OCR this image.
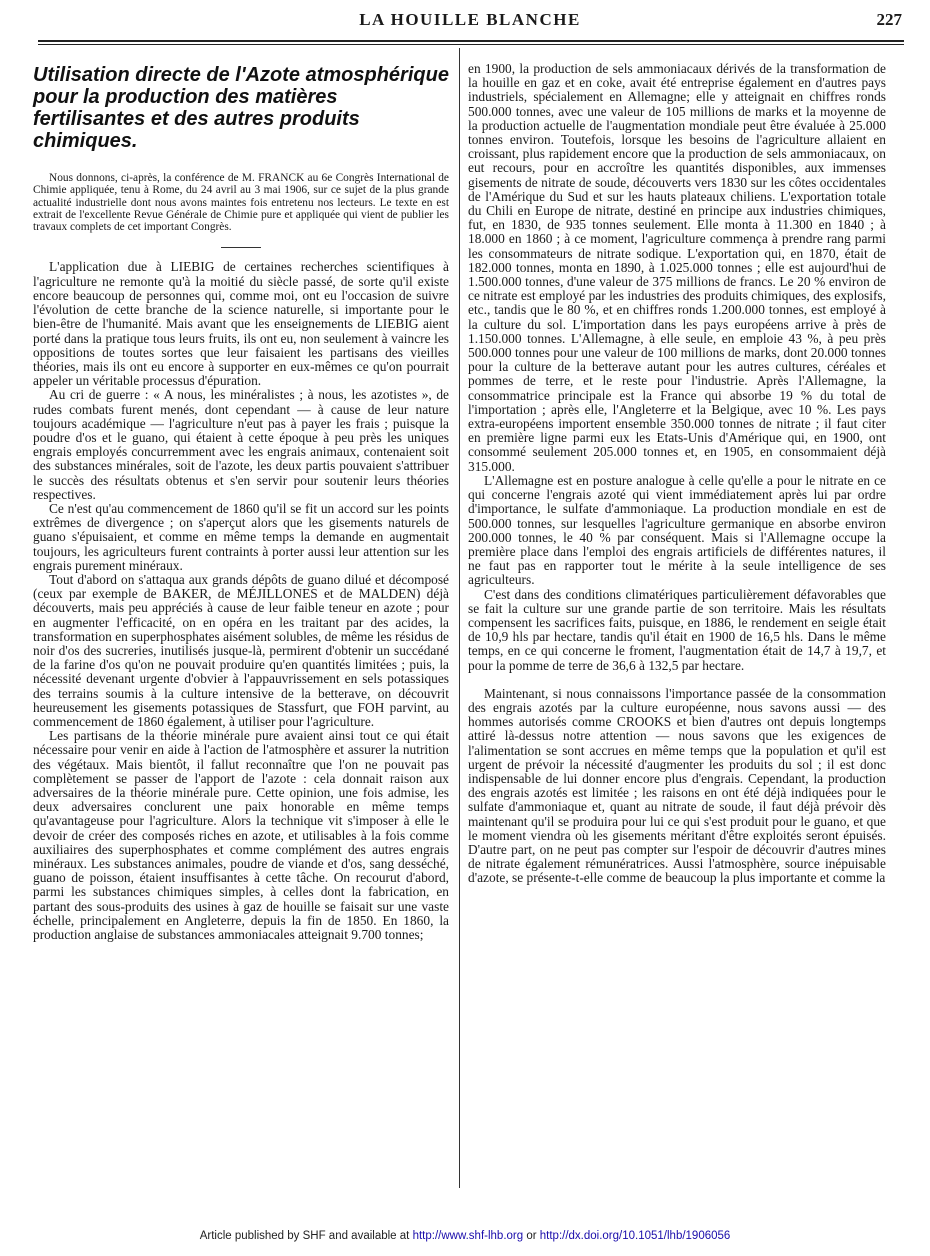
LA HOUILLE BLANCHE	227
Utilisation directe de l'Azote atmosphérique pour la production des matières fertilisantes et des autres produits chimiques.

Nous donnons, ci-après, la conférence de M. FRANCK au 6e Congrès International de Chimie appliquée, tenu à Rome, du 24 avril au 3 mai 1906, sur ce sujet de la plus grande actualité industrielle dont nous avons maintes fois entretenu nos lecteurs. Le texte en est extrait de l'excellente Revue Générale de Chimie pure et appliquée qui vient de publier les travaux complets de cet important Congrès.

L'application due à LIEBIG de certaines recherches scientifiques à l'agriculture ne remonte qu'à la moitié du siècle passé, de sorte qu'il existe encore beaucoup de personnes qui, comme moi, ont eu l'occasion de suivre l'évolution de cette branche de la science naturelle, si importante pour le bien-être de l'humanité. Mais avant que les enseignements de LIEBIG aient porté dans la pratique tous leurs fruits, ils ont eu, non seulement à vaincre les oppositions de toutes sortes que leur faisaient les partisans des vieilles théories, mais ils ont eu encore à supporter en eux-mêmes ce qu'on pourrait appeler un véritable processus d'épuration.

Au cri de guerre : « A nous, les minéralistes ; à nous, les azotistes », de rudes combats furent menés, dont cependant — à cause de leur nature toujours académique — l'agriculture n'eut pas à payer les frais ; puisque la poudre d'os et le guano, qui étaient à cette époque à peu près les uniques engrais employés concurremment avec les engrais animaux, contenaient soit des substances minérales, soit de l'azote, les deux partis pouvaient s'attribuer le succès des résultats obtenus et s'en servir pour soutenir leurs théories respectives.

Ce n'est qu'au commencement de 1860 qu'il se fit un accord sur les points extrêmes de divergence ; on s'aperçut alors que les gisements naturels de guano s'épuisaient, et comme en même temps la demande en augmentait toujours, les agriculteurs furent contraints à porter aussi leur attention sur les engrais purement minéraux.

Tout d'abord on s'attaqua aux grands dépôts de guano dilué et décomposé (ceux par exemple de BAKER, de MÉJILLONES et de MALDEN) déjà découverts, mais peu appréciés à cause de leur faible teneur en azote ; pour en augmenter l'efficacité, on en opéra en les traitant par des acides, la transformation en superphosphates aisément solubles, de même les résidus de noir d'os des sucreries, inutilisés jusque-là, permirent d'obtenir un succédané de la farine d'os qu'on ne pouvait produire qu'en quantités limitées ; puis, la nécessité devenant urgente d'obvier à l'appauvrissement en sels potassiques des terrains soumis à la culture intensive de la betterave, on découvrit heureusement les gisements potassiques de Stassfurt, que FOH parvint, au commencement de 1860 également, à utiliser pour l'agriculture.

Les partisans de la théorie minérale pure avaient ainsi tout ce qui était nécessaire pour venir en aide à l'action de l'atmosphère et assurer la nutrition des végétaux. Mais bientôt, il fallut reconnaître que l'on ne pouvait pas complètement se passer de l'apport de l'azote : cela donnait raison aux adversaires de la théorie minérale pure. Cette opinion, une fois admise, les deux adversaires conclurent une paix honorable en même temps qu'avantageuse pour l'agriculture. Alors la technique vit s'imposer à elle le devoir de créer des composés riches en azote, et utilisables à la fois comme auxiliaires des superphosphates et comme complément des autres engrais minéraux. Les substances animales, poudre de viande et d'os, sang desséché, guano de poisson, étaient insuffisantes à cette tâche. On recourut d'abord, parmi les substances chimiques simples, à celles dont la fabrication, en partant des sous-produits des usines à gaz de houille se faisait sur une vaste échelle, principalement en Angleterre, depuis la fin de 1850. En 1860, la production anglaise de substances ammoniacales atteignait 9.700 tonnes;

en 1900, la production de sels ammoniacaux dérivés de la transformation de la houille en gaz et en coke, avait été entreprise également en d'autres pays industriels, spécialement en Allemagne; elle y atteignait en chiffres ronds 500.000 tonnes, avec une valeur de 105 millions de marks et la moyenne de la production actuelle de l'augmentation mondiale peut être évaluée à 25.000 tonnes environ. Toutefois, lorsque les besoins de l'agriculture allaient en croissant, plus rapidement encore que la production de sels ammoniacaux, on eut recours, pour en accroître les quantités disponibles, aux immenses gisements de nitrate de soude, découverts vers 1830 sur les côtes occidentales de l'Amérique du Sud et sur les hauts plateaux chiliens. L'exportation totale du Chili en Europe de nitrate, destiné en principe aux industries chimiques, fut, en 1830, de 935 tonnes seulement. Elle monta à 11.300 en 1840 ; à 18.000 en 1860 ; à ce moment, l'agriculture commença à prendre rang parmi les consommateurs de nitrate sodique. L'exportation qui, en 1870, était de 182.000 tonnes, monta en 1890, à 1.025.000 tonnes ; elle est aujourd'hui de 1.500.000 tonnes, d'une valeur de 375 millions de francs. Le 20 % environ de ce nitrate est employé par les industries des produits chimiques, des explosifs, etc., tandis que le 80 %, et en chiffres ronds 1.200.000 tonnes, est employé à la culture du sol. L'importation dans les pays européens arrive à près de 1.150.000 tonnes. L'Allemagne, à elle seule, en emploie 43 %, à peu près 500.000 tonnes pour une valeur de 100 millions de marks, dont 20.000 tonnes pour la culture de la betterave autant pour les autres cultures, céréales et pommes de terre, et le reste pour l'industrie. Après l'Allemagne, la consommatrice principale est la France qui absorbe 19 % du total de l'importation ; après elle, l'Angleterre et la Belgique, avec 10 %. Les pays extra-européens importent ensemble 350.000 tonnes de nitrate ; il faut citer en première ligne parmi eux les Etats-Unis d'Amérique qui, en 1900, ont consommé seulement 205.000 tonnes et, en 1905, en consommaient déjà 315.000.

L'Allemagne est en posture analogue à celle qu'elle a pour le nitrate en ce qui concerne l'engrais azoté qui vient immédiatement après lui par ordre d'importance, le sulfate d'ammoniaque. La production mondiale en est de 500.000 tonnes, sur lesquelles l'agriculture germanique en absorbe environ 200.000 tonnes, le 40 % par conséquent. Mais si l'Allemagne occupe la première place dans l'emploi des engrais artificiels de différentes natures, il ne faut pas en rapporter tout le mérite à la seule intelligence de ses agriculteurs.

C'est dans des conditions climatériques particulièrement défavorables que se fait la culture sur une grande partie de son territoire. Mais les résultats compensent les sacrifices faits, puisque, en 1886, le rendement en seigle était de 10,9 hls par hectare, tandis qu'il était en 1900 de 16,5 hls. Dans le même temps, en ce qui concerne le froment, l'augmentation était de 14,7 à 19,7, et pour la pomme de terre de 36,6 à 132,5 par hectare.

Maintenant, si nous connaissons l'importance passée de la consommation des engrais azotés par la culture européenne, nous savons aussi — des hommes autorisés comme CROOKS et bien d'autres ont depuis longtemps attiré là-dessus notre attention — nous savons que les exigences de l'alimentation se sont accrues en même temps que la population et qu'il est urgent de prévoir la nécessité d'augmenter les produits du sol ; il est donc indispensable de lui donner encore plus d'engrais. Cependant, la production des engrais azotés est limitée ; les raisons en ont été déjà indiquées pour le sulfate d'ammoniaque et, quant au nitrate de soude, il faut déjà prévoir dès maintenant qu'il se produira pour lui ce qui s'est produit pour le guano, et que le moment viendra où les gisements méritant d'être exploités seront épuisés. D'autre part, on ne peut pas compter sur l'espoir de découvrir d'autres mines de nitrate également rémunératrices. Aussi l'atmosphère, source inépuisable d'azote, se présente-t-elle comme de beaucoup la plus importante et comme la

Article published by SHF and available at http://www.shf-lhb.org or http://dx.doi.org/10.1051/lhb/1906056
